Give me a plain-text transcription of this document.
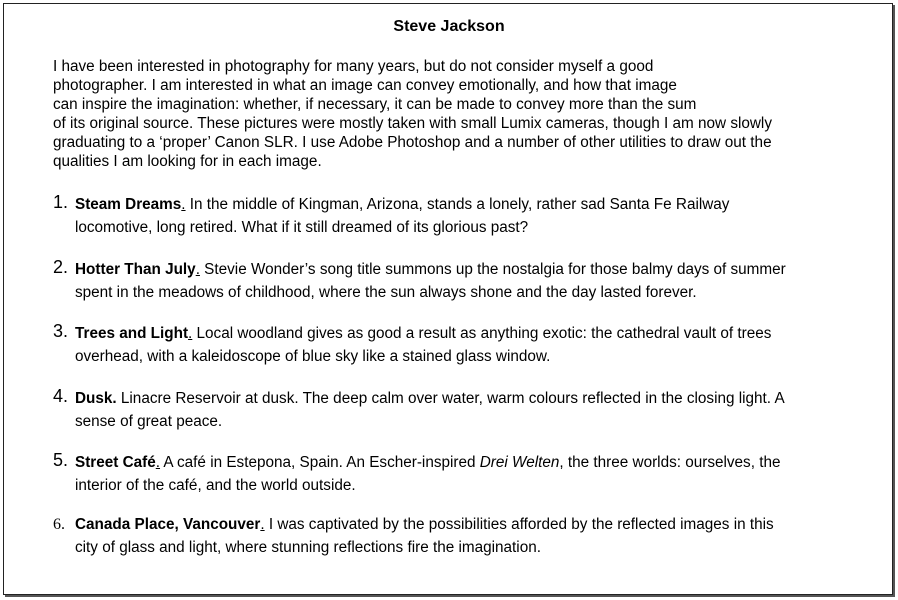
Steve Jackson
I have been interested in photography for many years, but do not consider myself a good
photographer. I am interested in what an image can convey emotionally, and how that image
can inspire the imagination: whether, if necessary, it can be made to convey more than the sum
of its original source. These pictures were mostly taken with small Lumix cameras, though I am now slowly
graduating to a ‘proper’ Canon SLR. I use Adobe Photoshop and a number of other utilities to draw out the
qualities I am looking for in each image.
1. Steam Dreams. In the middle of Kingman, Arizona, stands a lonely, rather sad Santa Fe Railway
locomotive, long retired. What if it still dreamed of its glorious past?
2. Hotter Than July. Stevie Wonder’s song title summons up the nostalgia for those balmy days of summer
spent in the meadows of childhood, where the sun always shone and the day lasted forever.
3. Trees and Light. Local woodland gives as good a result as anything exotic: the cathedral vault of trees
overhead, with a kaleidoscope of blue sky like a stained glass window.
4. Dusk. Linacre Reservoir at dusk. The deep calm over water, warm colours reflected in the closing light. A
sense of great peace.
5. Street Café. A café in Estepona, Spain. An Escher-inspired Drei Welten, the three worlds: ourselves, the
interior of the café, and the world outside.
6. Canada Place, Vancouver. I was captivated by the possibilities afforded by the reflected images in this
city of glass and light, where stunning reflections fire the imagination.
